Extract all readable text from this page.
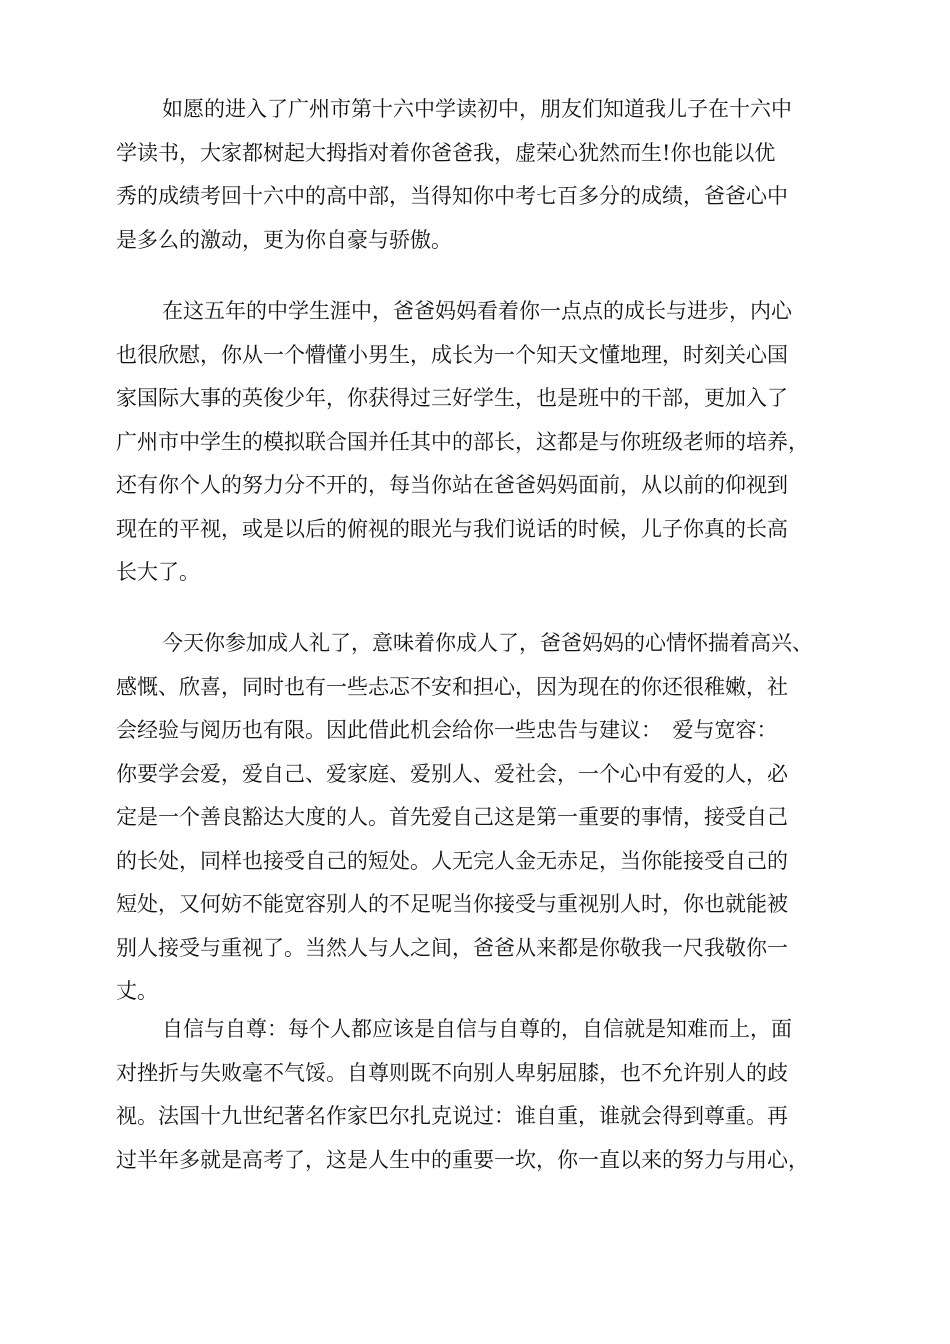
如愿的进入了广州市第十六中学读初中，朋友们知道我儿子在十六中
学读书，大家都树起大拇指对着你爸爸我，虚荣心犹然而生!你也能以优
秀的成绩考回十六中的高中部，当得知你中考七百多分的成绩，爸爸心中
是多么的激动，更为你自豪与骄傲。
在这五年的中学生涯中，爸爸妈妈看着你一点点的成长与进步，内心
也很欣慰，你从一个懵懂小男生，成长为一个知天文懂地理，时刻关心国
家国际大事的英俊少年，你获得过三好学生，也是班中的干部，更加入了
广州市中学生的模拟联合国并任其中的部长，这都是与你班级老师的培养，
还有你个人的努力分不开的，每当你站在爸爸妈妈面前，从以前的仰视到
现在的平视，或是以后的俯视的眼光与我们说话的时候，儿子你真的长高
长大了。
今天你参加成人礼了，意味着你成人了，爸爸妈妈的心情怀揣着高兴、
感慨、欣喜，同时也有一些忐忑不安和担心，因为现在的你还很稚嫩，社
会经验与阅历也有限。因此借此机会给你一些忠告与建议：　爱与宽容：
你要学会爱，爱自己、爱家庭、爱别人、爱社会，一个心中有爱的人，必
定是一个善良豁达大度的人。首先爱自己这是第一重要的事情，接受自己
的长处，同样也接受自己的短处。人无完人金无赤足，当你能接受自己的
短处，又何妨不能宽容别人的不足呢当你接受与重视别人时，你也就能被
别人接受与重视了。当然人与人之间，爸爸从来都是你敬我一尺我敬你一
丈。
自信与自尊：每个人都应该是自信与自尊的，自信就是知难而上，面
对挫折与失败毫不气馁。自尊则既不向别人卑躬屈膝，也不允许别人的歧
视。法国十九世纪著名作家巴尔扎克说过：谁自重，谁就会得到尊重。再
过半年多就是高考了，这是人生中的重要一坎，你一直以来的努力与用心，
